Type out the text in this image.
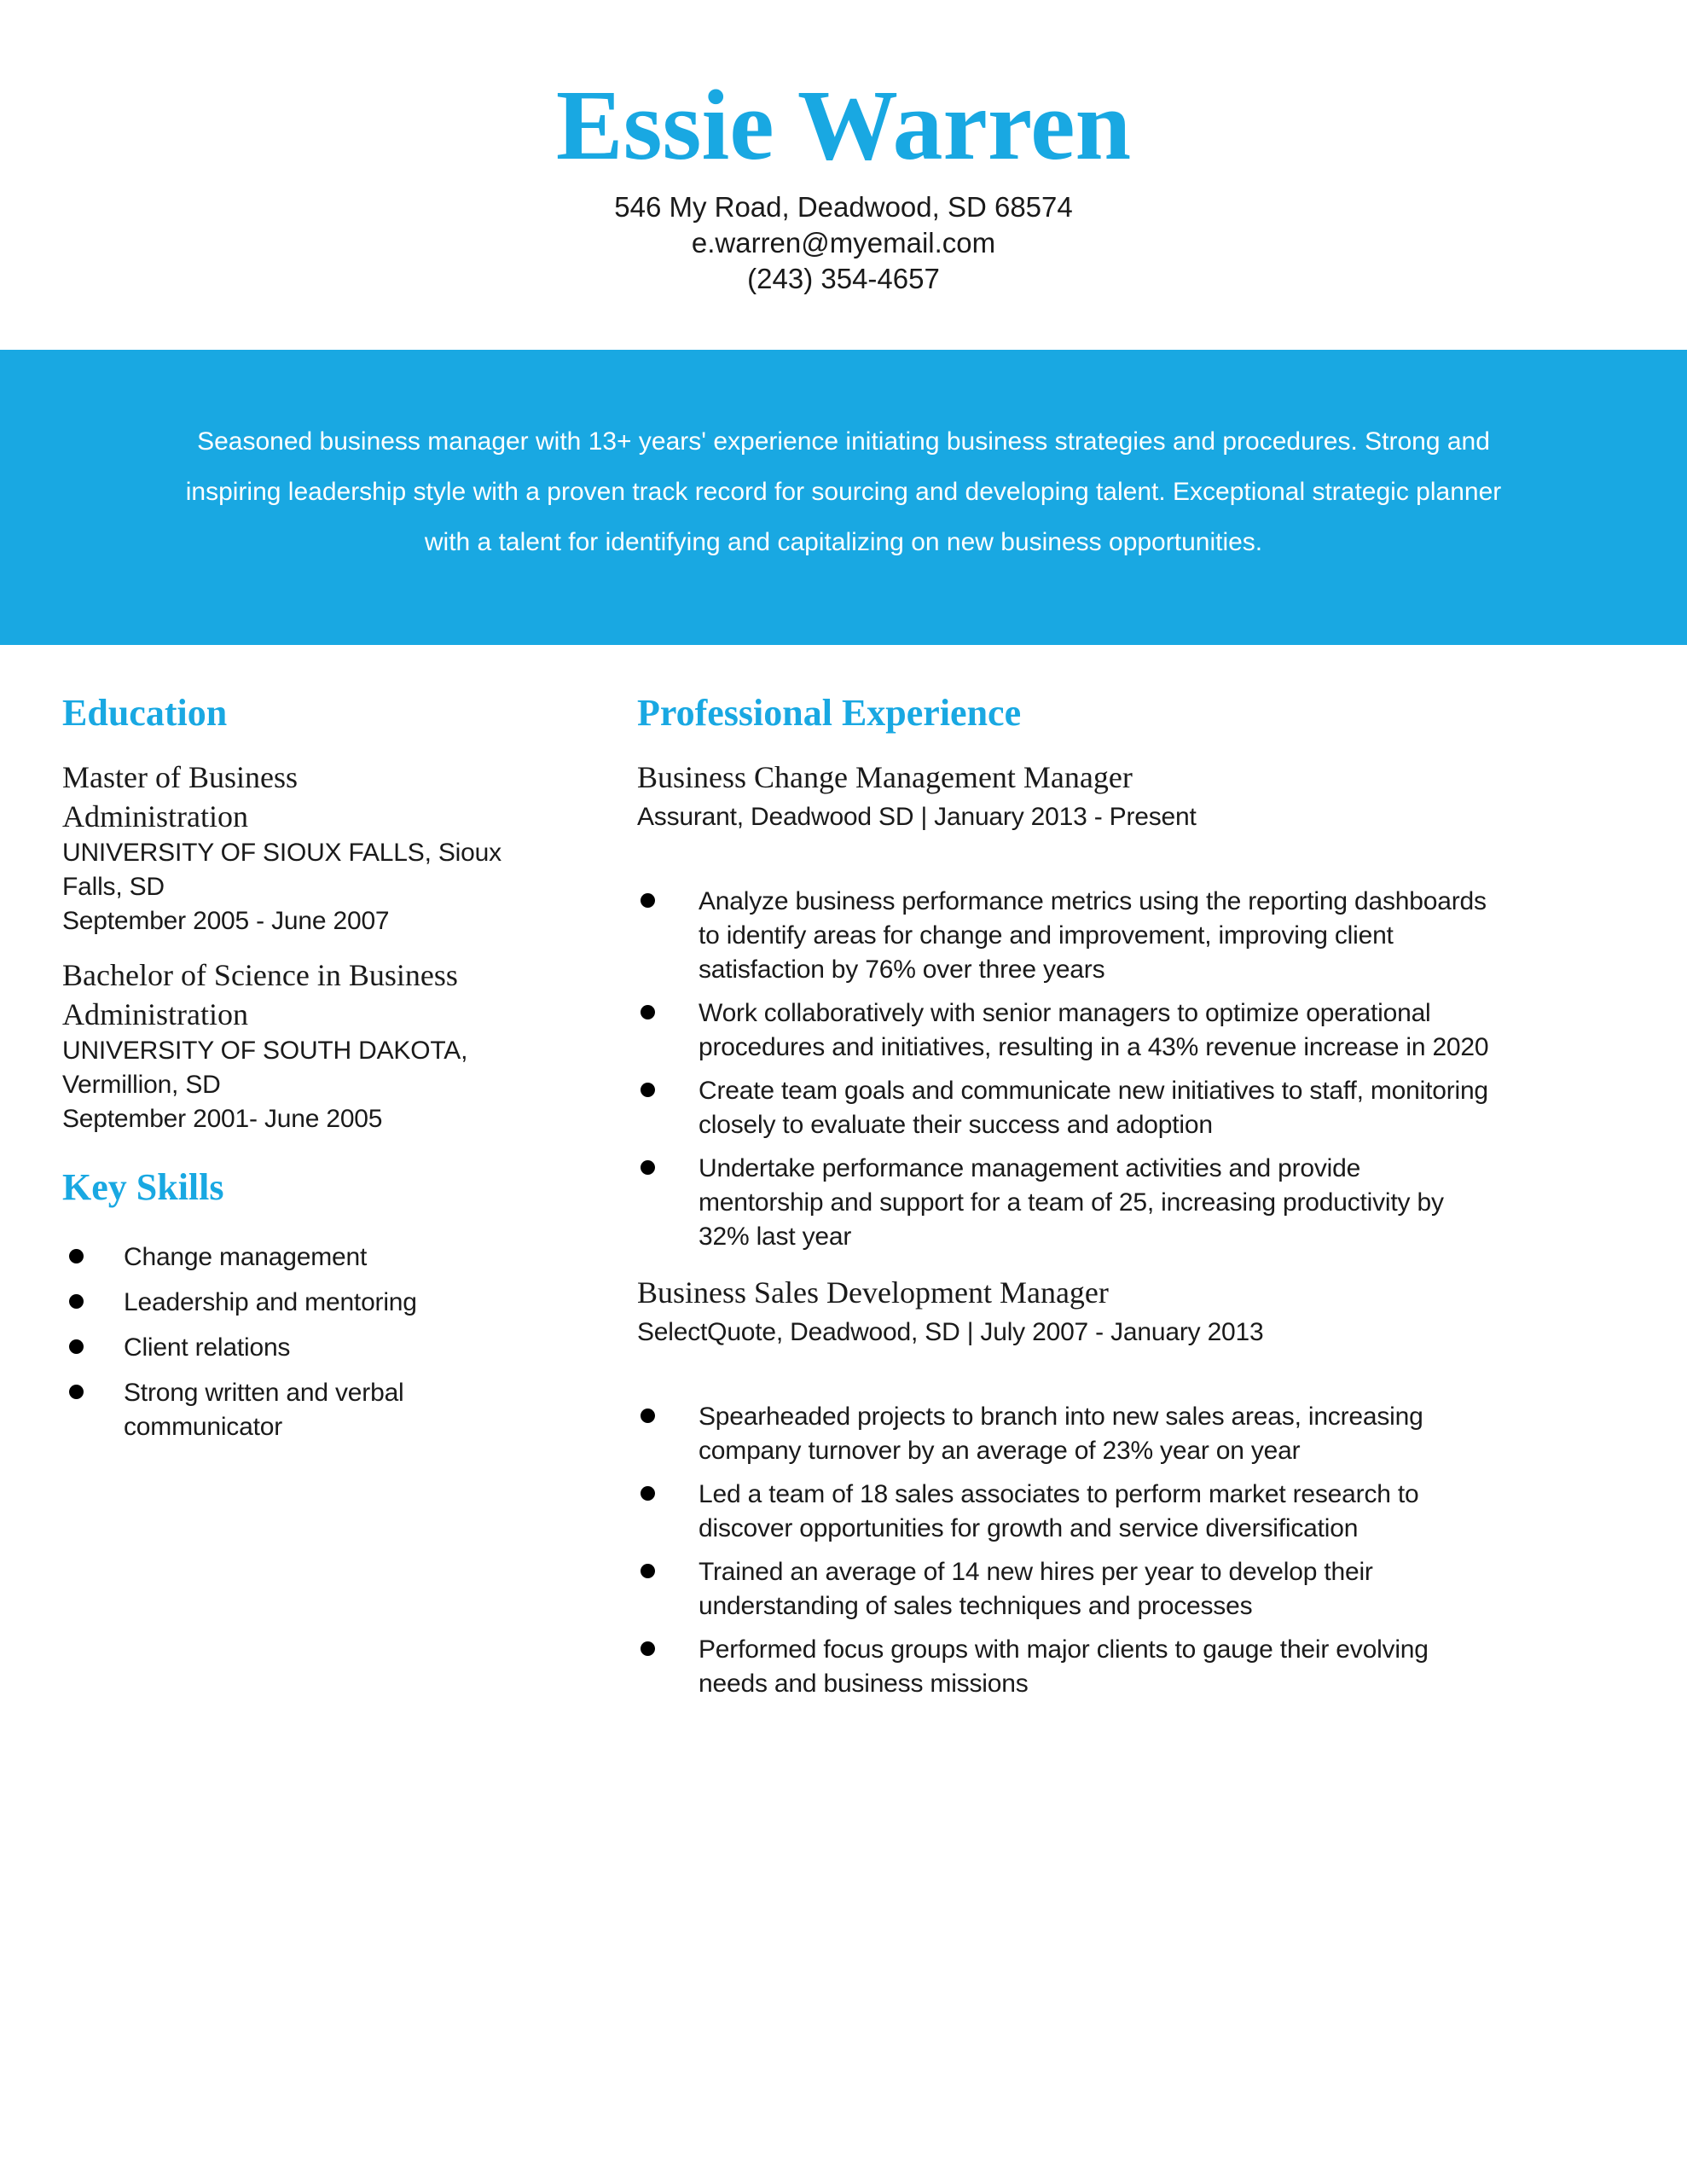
Essie Warren
546 My Road, Deadwood, SD 68574
e.warren@myemail.com
(243) 354-4657

Seasoned business manager with 13+ years' experience initiating business strategies and procedures. Strong and inspiring leadership style with a proven track record for sourcing and developing talent. Exceptional strategic planner with a talent for identifying and capitalizing on new business opportunities.

Education

Master of Business Administration

UNIVERSITY OF SIOUX FALLS, Sioux Falls, SD

September 2005 - June 2007

Bachelor of Science in Business Administration

UNIVERSITY OF SOUTH DAKOTA, Vermillion, SD

September 2001- June 2005

Key Skills
Change management
Leadership and mentoring
Client relations
Strong written and verbal communicator
Professional Experience

Business Change Management Manager

Assurant, Deadwood SD | January 2013 - Present

Analyze business performance metrics using the reporting dashboards to identify areas for change and improvement, improving client satisfaction by 76% over three years
Work collaboratively with senior managers to optimize operational procedures and initiatives, resulting in a 43% revenue increase in 2020
Create team goals and communicate new initiatives to staff, monitoring closely to evaluate their success and adoption
Undertake performance management activities and provide mentorship and support for a team of 25, increasing productivity by 32% last year

Business Sales Development Manager

SelectQuote, Deadwood, SD | July 2007 - January 2013

Spearheaded projects to branch into new sales areas, increasing company turnover by an average of 23% year on year
Led a team of 18 sales associates to perform market research to discover opportunities for growth and service diversification
Trained an average of 14 new hires per year to develop their understanding of sales techniques and processes
Performed focus groups with major clients to gauge their evolving needs and business missions
